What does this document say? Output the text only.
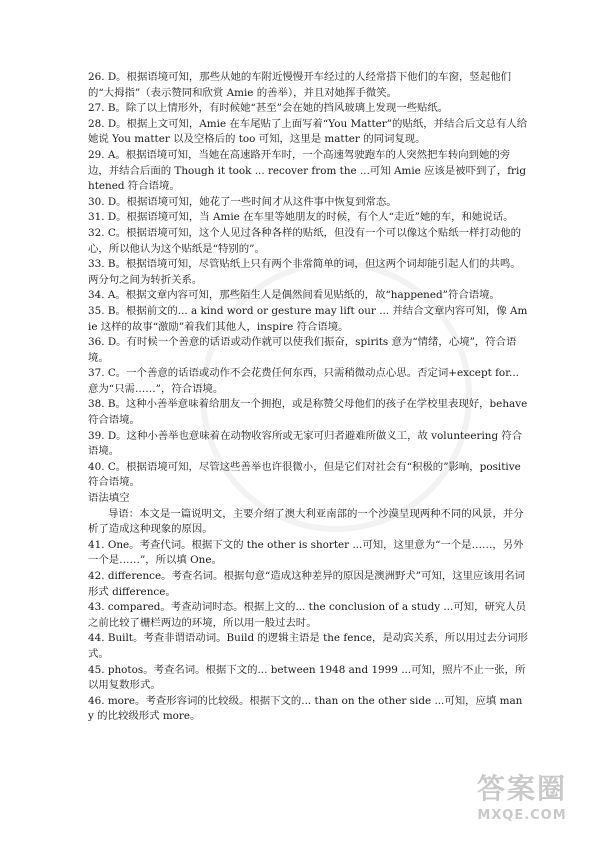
26. D。根据语境可知，那些从她的车附近慢慢开车经过的人经常搭下他们的车窗，竖起他们的“大拇指”（表示赞同和欣赏 Amie 的善举），并且对她挥手微笑。

27. B。除了以上情形外，有时候她“甚至”会在她的挡风玻璃上发现一些贴纸。

28. D。根据上文可知，Amie 在车尾贴了上面写着“You Matter”的贴纸，并结合后文总有人给她说 You matter 以及空格后的 too 可知，这里是 matter 的同词复现。

29. A。根据语境可知，当她在高速路开车时，一个高速驾驶跑车的人突然把车转向到她的旁边，并结合后面的 Though it took ... recover from the ...可知 Amie 应该是被吓到了，frightened 符合语境。

30. D。根据语境可知，她花了一些时间才从这件事中恢复到常态。

31. D。根据语境可知，当 Amie 在车里等她朋友的时候，有个人“走近”她的车，和她说话。

32. C。根据语境可知，这个人见过各种各样的贴纸，但没有一个可以像这个贴纸一样打动他的心，所以他认为这个贴纸是“特别的”。

33. B。根据语境可知，尽管贴纸上只有两个非常简单的词，但这两个词却能引起人们的共鸣。两分句之间为转折关系。

34. A。根据文章内容可知，那些陌生人是偶然间看见贴纸的，故“happened”符合语境。

35. B。根据前文的... a kind word or gesture may lift our ... 并结合文章内容可知，像 Amie 这样的故事“激励”着我们其他人，inspire 符合语境。

36. D。有时候一个善意的话语或动作就可以使我们振奋，spirits 意为“情绪，心境”，符合语境。

37. C。一个善意的话语或动作不会花费任何东西，只需稍微动点心思。否定词+except for...意为“只需……”，符合语境。

38. B。这种小善举意味着给朋友一个拥抱，或是称赞父母他们的孩子在学校里表现好，behave 符合语境。

39. D。这种小善举也意味着在动物收容所或无家可归者避难所做义工，故 volunteering 符合语境。

40. C。根据语境可知，尽管这些善举也许很微小，但是它们对社会有“积极的”影响，positive 符合语境。

语法填空

导语：本文是一篇说明文，主要介绍了澳大利亚南部的一个沙漠呈现两种不同的风景，并分析了造成这种现象的原因。

41. One。考查代词。根据下文的 the other is shorter ...可知，这里意为“一个是……，另外一个是……”，所以填 One。

42. difference。考查名词。根据句意“造成这种差异的原因是澳洲野犬”可知，这里应该用名词形式 difference。

43. compared。考查动词时态。根据上文的... the conclusion of a study ...可知，研究人员之前比较了栅栏两边的环境，所以用一般过去时。

44. Built。考查非谓语动词。Build 的逻辑主语是 the fence，是动宾关系，所以用过去分词形式。

45. photos。考查名词。根据下文的... between 1948 and 1999 ...可知，照片不止一张，所以用复数形式。

46. more。考查形容词的比较级。根据下文的... than on the other side ...可知，应填 many 的比较级形式 more。

答案圈
MXQE.COM
